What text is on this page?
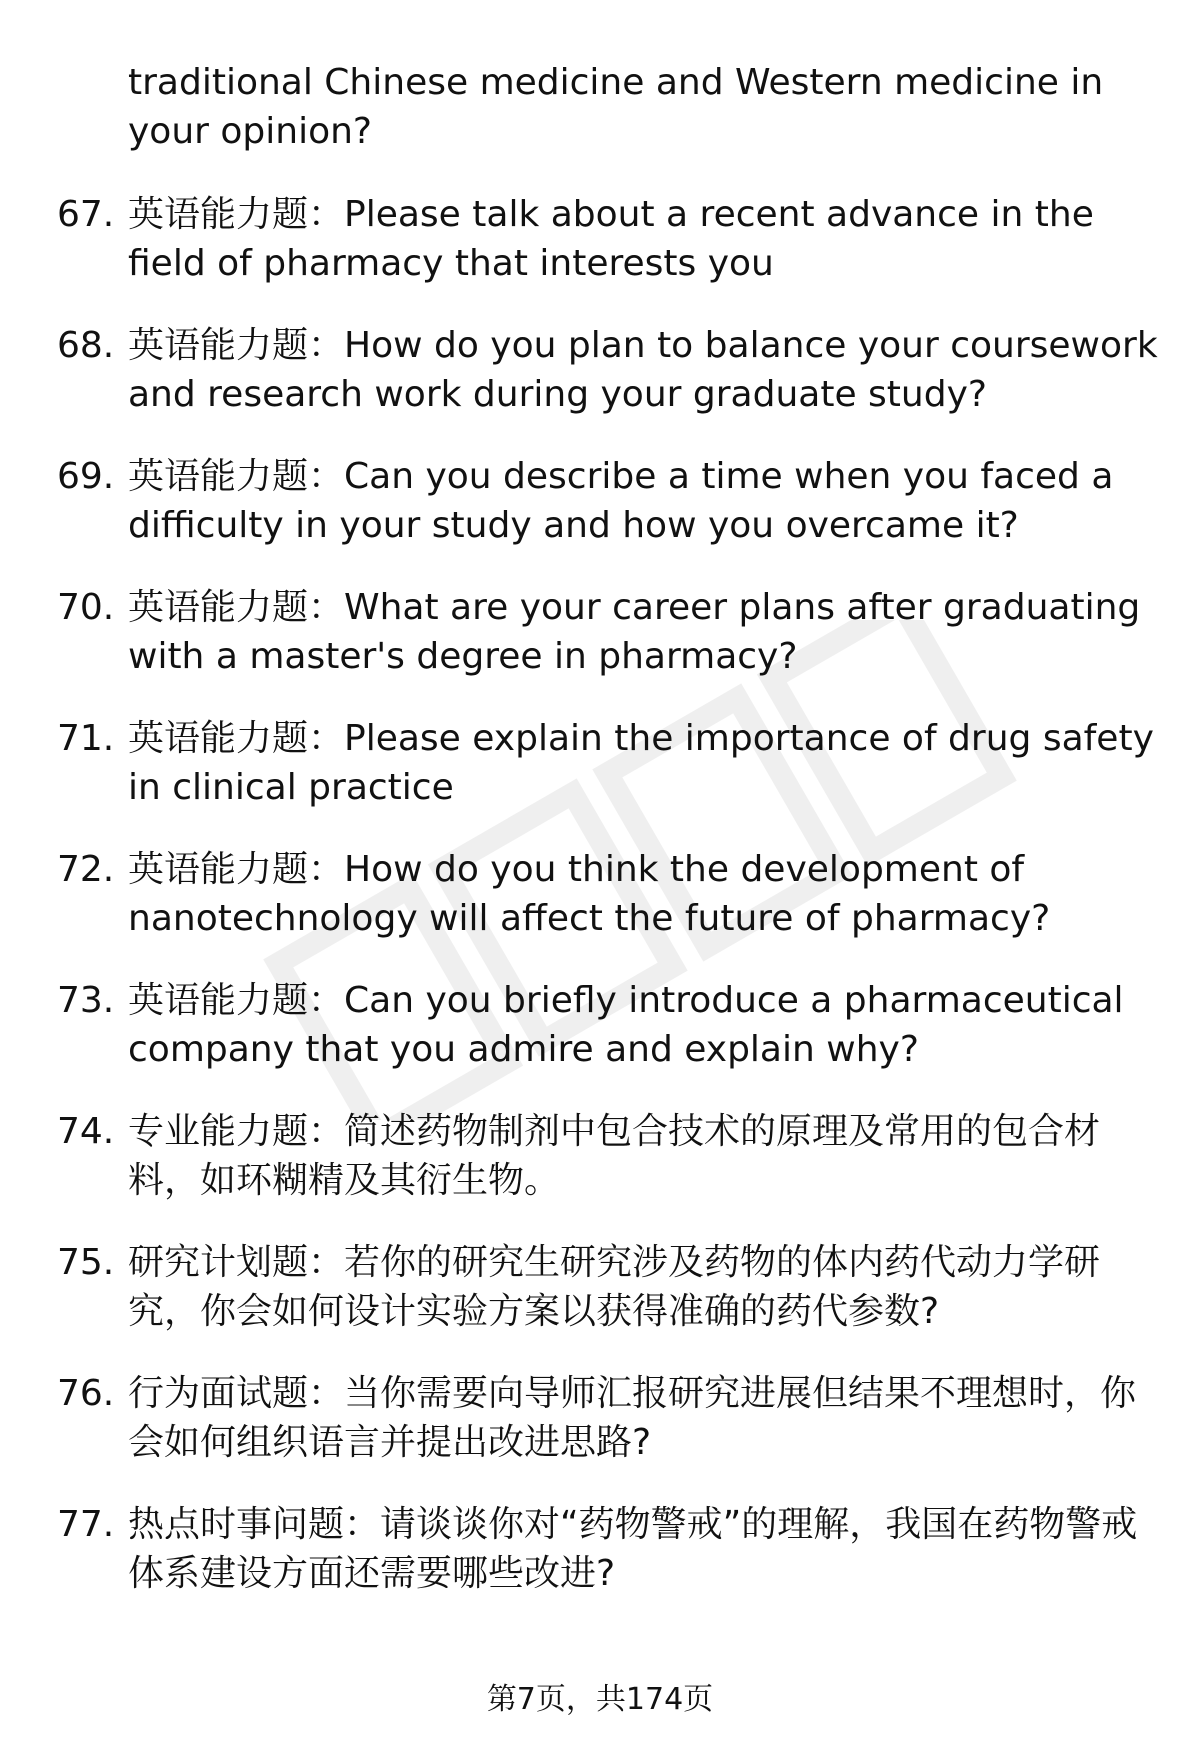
traditional Chinese medicine and Western medicine in your opinion?

67. 英语能力题：Please talk about a recent advance in the field of pharmacy that interests you
68. 英语能力题：How do you plan to balance your coursework and research work during your graduate study?
69. 英语能力题：Can you describe a time when you faced a difficulty in your study and how you overcame it?
70. 英语能力题：What are your career plans after graduating with a master's degree in pharmacy?
71. 英语能力题：Please explain the importance of drug safety in clinical practice
72. 英语能力题：How do you think the development of nanotechnology will affect the future of pharmacy?
73. 英语能力题：Can you briefly introduce a pharmaceutical company that you admire and explain why?
74. 专业能力题：简述药物制剂中包合技术的原理及常用的包合材料，如环糊精及其衍生物。
75. 研究计划题：若你的研究生研究涉及药物的体内药代动力学研究，你会如何设计实验方案以获得准确的药代参数?
76. 行为面试题：当你需要向导师汇报研究进展但结果不理想时，你会如何组织语言并提出改进思路?
77. 热点时事问题：请谈谈你对“药物警戒”的理解，我国在药物警戒体系建设方面还需要哪些改进?
第7页，共174页
